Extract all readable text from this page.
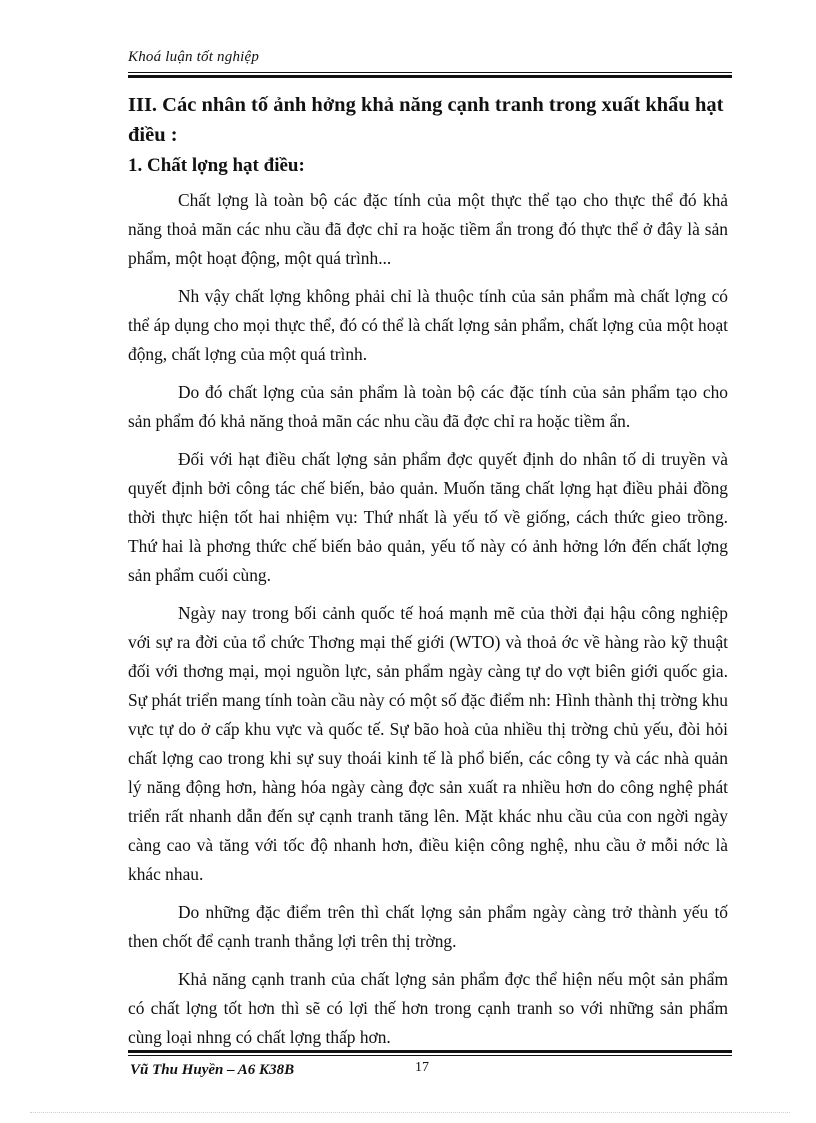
Khoá luận tốt nghiệp
III. Các nhân tố ảnh hởng khả năng cạnh tranh trong xuất khẩu hạt điều :
1. Chất lợng hạt điều:

Chất lợng là toàn bộ các đặc tính của một thực thể tạo cho thực thể đó khả năng thoả mãn các nhu cầu đã đợc chỉ ra hoặc tiềm ẩn trong đó thực thể ở đây là sản phẩm, một hoạt động, một quá trình...

Nh vậy chất lợng không phải chỉ là thuộc tính của sản phẩm mà chất lợng có thể áp dụng cho mọi thực thể, đó có thể là chất lợng sản phẩm, chất lợng của một hoạt động, chất lợng của một quá trình.

Do đó chất lợng của sản phẩm là toàn bộ các đặc tính của sản phẩm tạo cho sản phẩm đó khả năng thoả mãn các nhu cầu đã đợc chỉ ra hoặc tiềm ẩn.

Đối với hạt điều chất lợng sản phẩm đợc quyết định do nhân tố di truyền và quyết định bởi công tác chế biến, bảo quản. Muốn tăng chất lợng hạt điều phải đồng thời thực hiện tốt hai nhiệm vụ: Thứ nhất là yếu tố về giống, cách thức gieo trồng. Thứ hai là phơng thức chế biến bảo quản, yếu tố này có ảnh hởng lớn đến chất lợng sản phẩm cuối cùng.

Ngày nay trong bối cảnh quốc tế hoá mạnh mẽ của thời đại hậu công nghiệp với sự ra đời của tổ chức Thơng mại thế giới (WTO) và thoả ớc về hàng rào kỹ thuật đối với thơng mại, mọi nguồn lực, sản phẩm ngày càng tự do vợt biên giới quốc gia. Sự phát triển mang tính toàn cầu này có một số đặc điểm nh: Hình thành thị trờng khu vực tự do ở cấp khu vực và quốc tế. Sự bão hoà của nhiều thị trờng chủ yếu, đòi hỏi chất lợng cao trong khi sự suy thoái kinh tế là phổ biến, các công ty và các nhà quản lý năng động hơn, hàng hóa ngày càng đợc sản xuất ra nhiều hơn do công nghệ phát triển rất nhanh dẫn đến sự cạnh tranh tăng lên. Mặt khác nhu cầu của con ngời ngày càng cao và tăng với tốc độ nhanh hơn, điều kiện công nghệ, nhu cầu ở mỗi nớc là khác nhau.

Do những đặc điểm trên thì chất lợng sản phẩm ngày càng trở thành yếu tố then chốt để cạnh tranh thắng lợi trên thị trờng.

Khả năng cạnh tranh của chất lợng sản phẩm đợc thể hiện nếu một sản phẩm có chất lợng tốt hơn thì sẽ có lợi thế hơn trong cạnh tranh so với những sản phẩm cùng loại nhng có chất lợng thấp hơn.

Vũ Thu Huyền – A6 K38B	17
